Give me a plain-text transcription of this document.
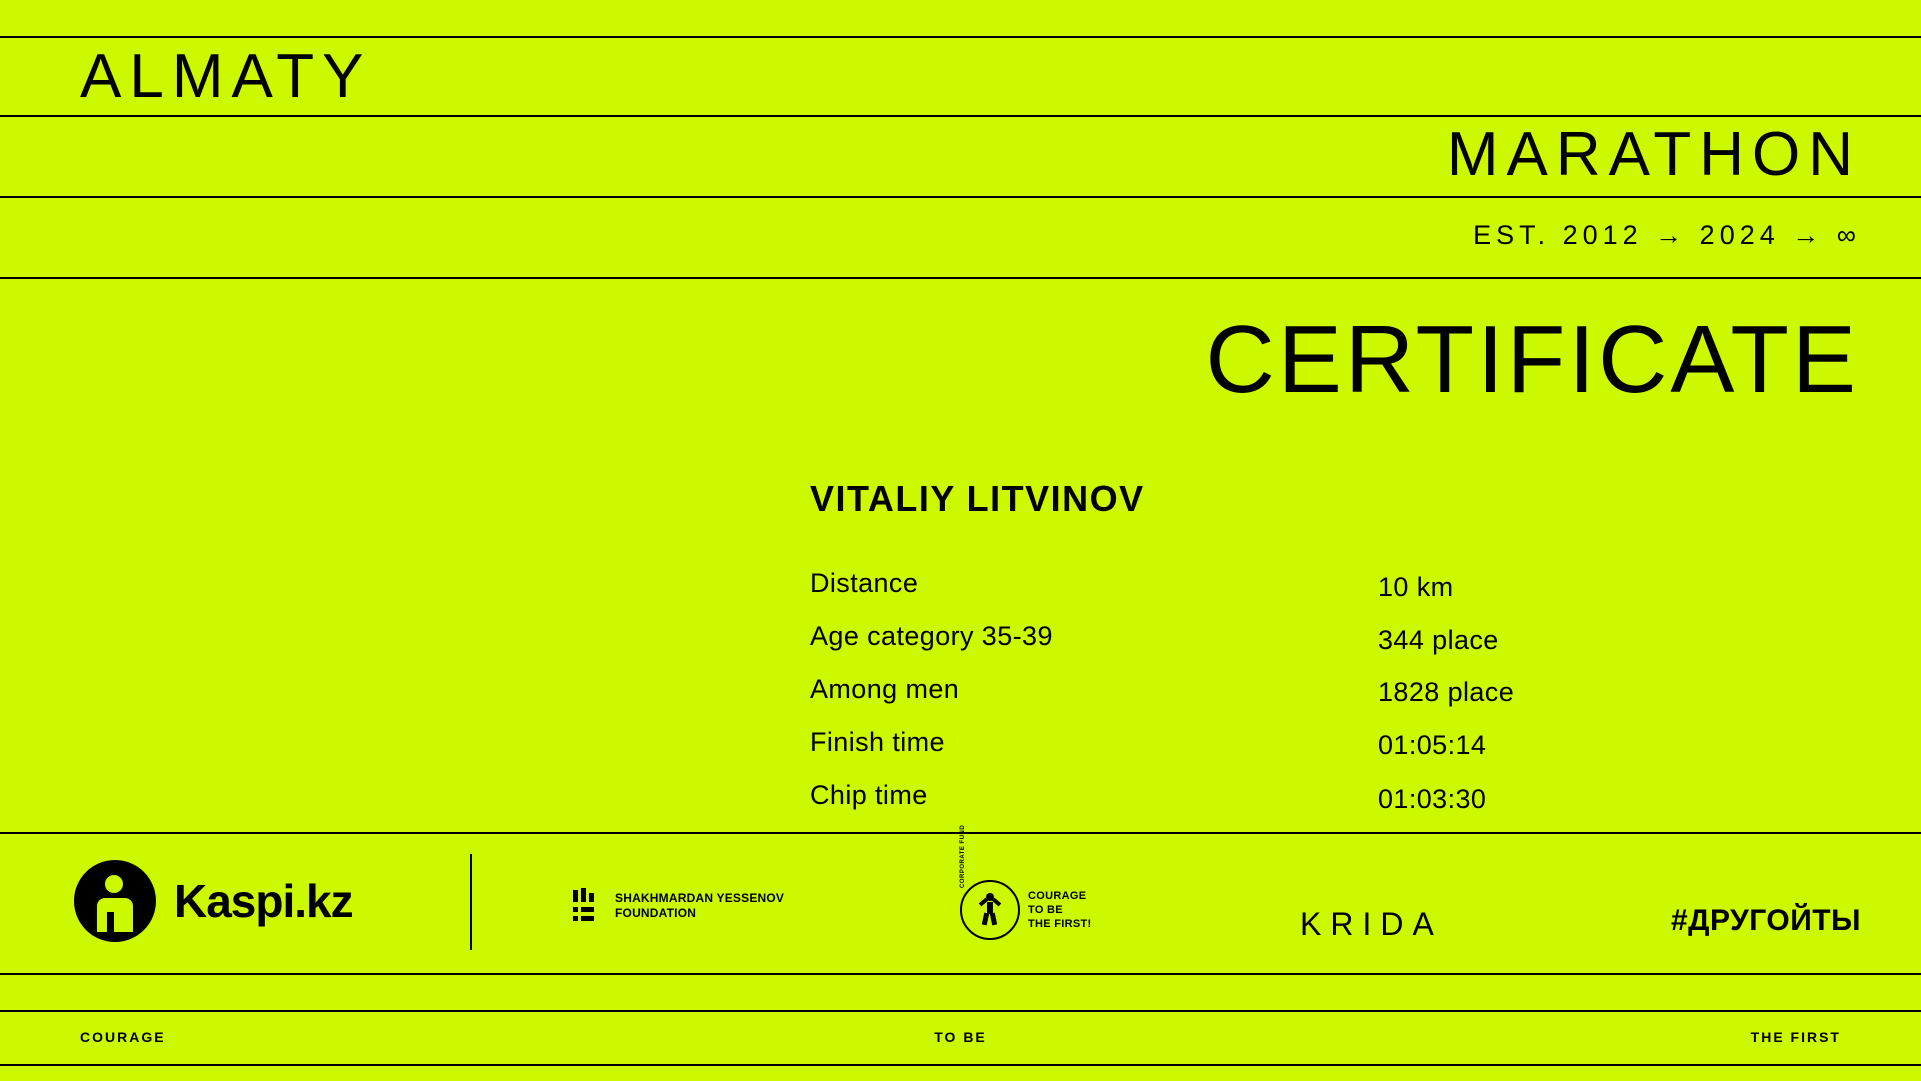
ALMATY
MARATHON
EST. 2012 → 2024 → ∞
CERTIFICATE
VITALIY LITVINOV
Distance	10 km
Age category 35-39	344 place
Among men	1828 place
Finish time	01:05:14
Chip time	01:03:30
Kaspi.kz	SHAKHMARDAN YESSENOV
FOUNDATION
CORPORATE FUND
COURAGE
TO BE
THE FIRST!	KRIDA	#ДРУГОЙТЫ
COURAGE	TO BE	THE FIRST
